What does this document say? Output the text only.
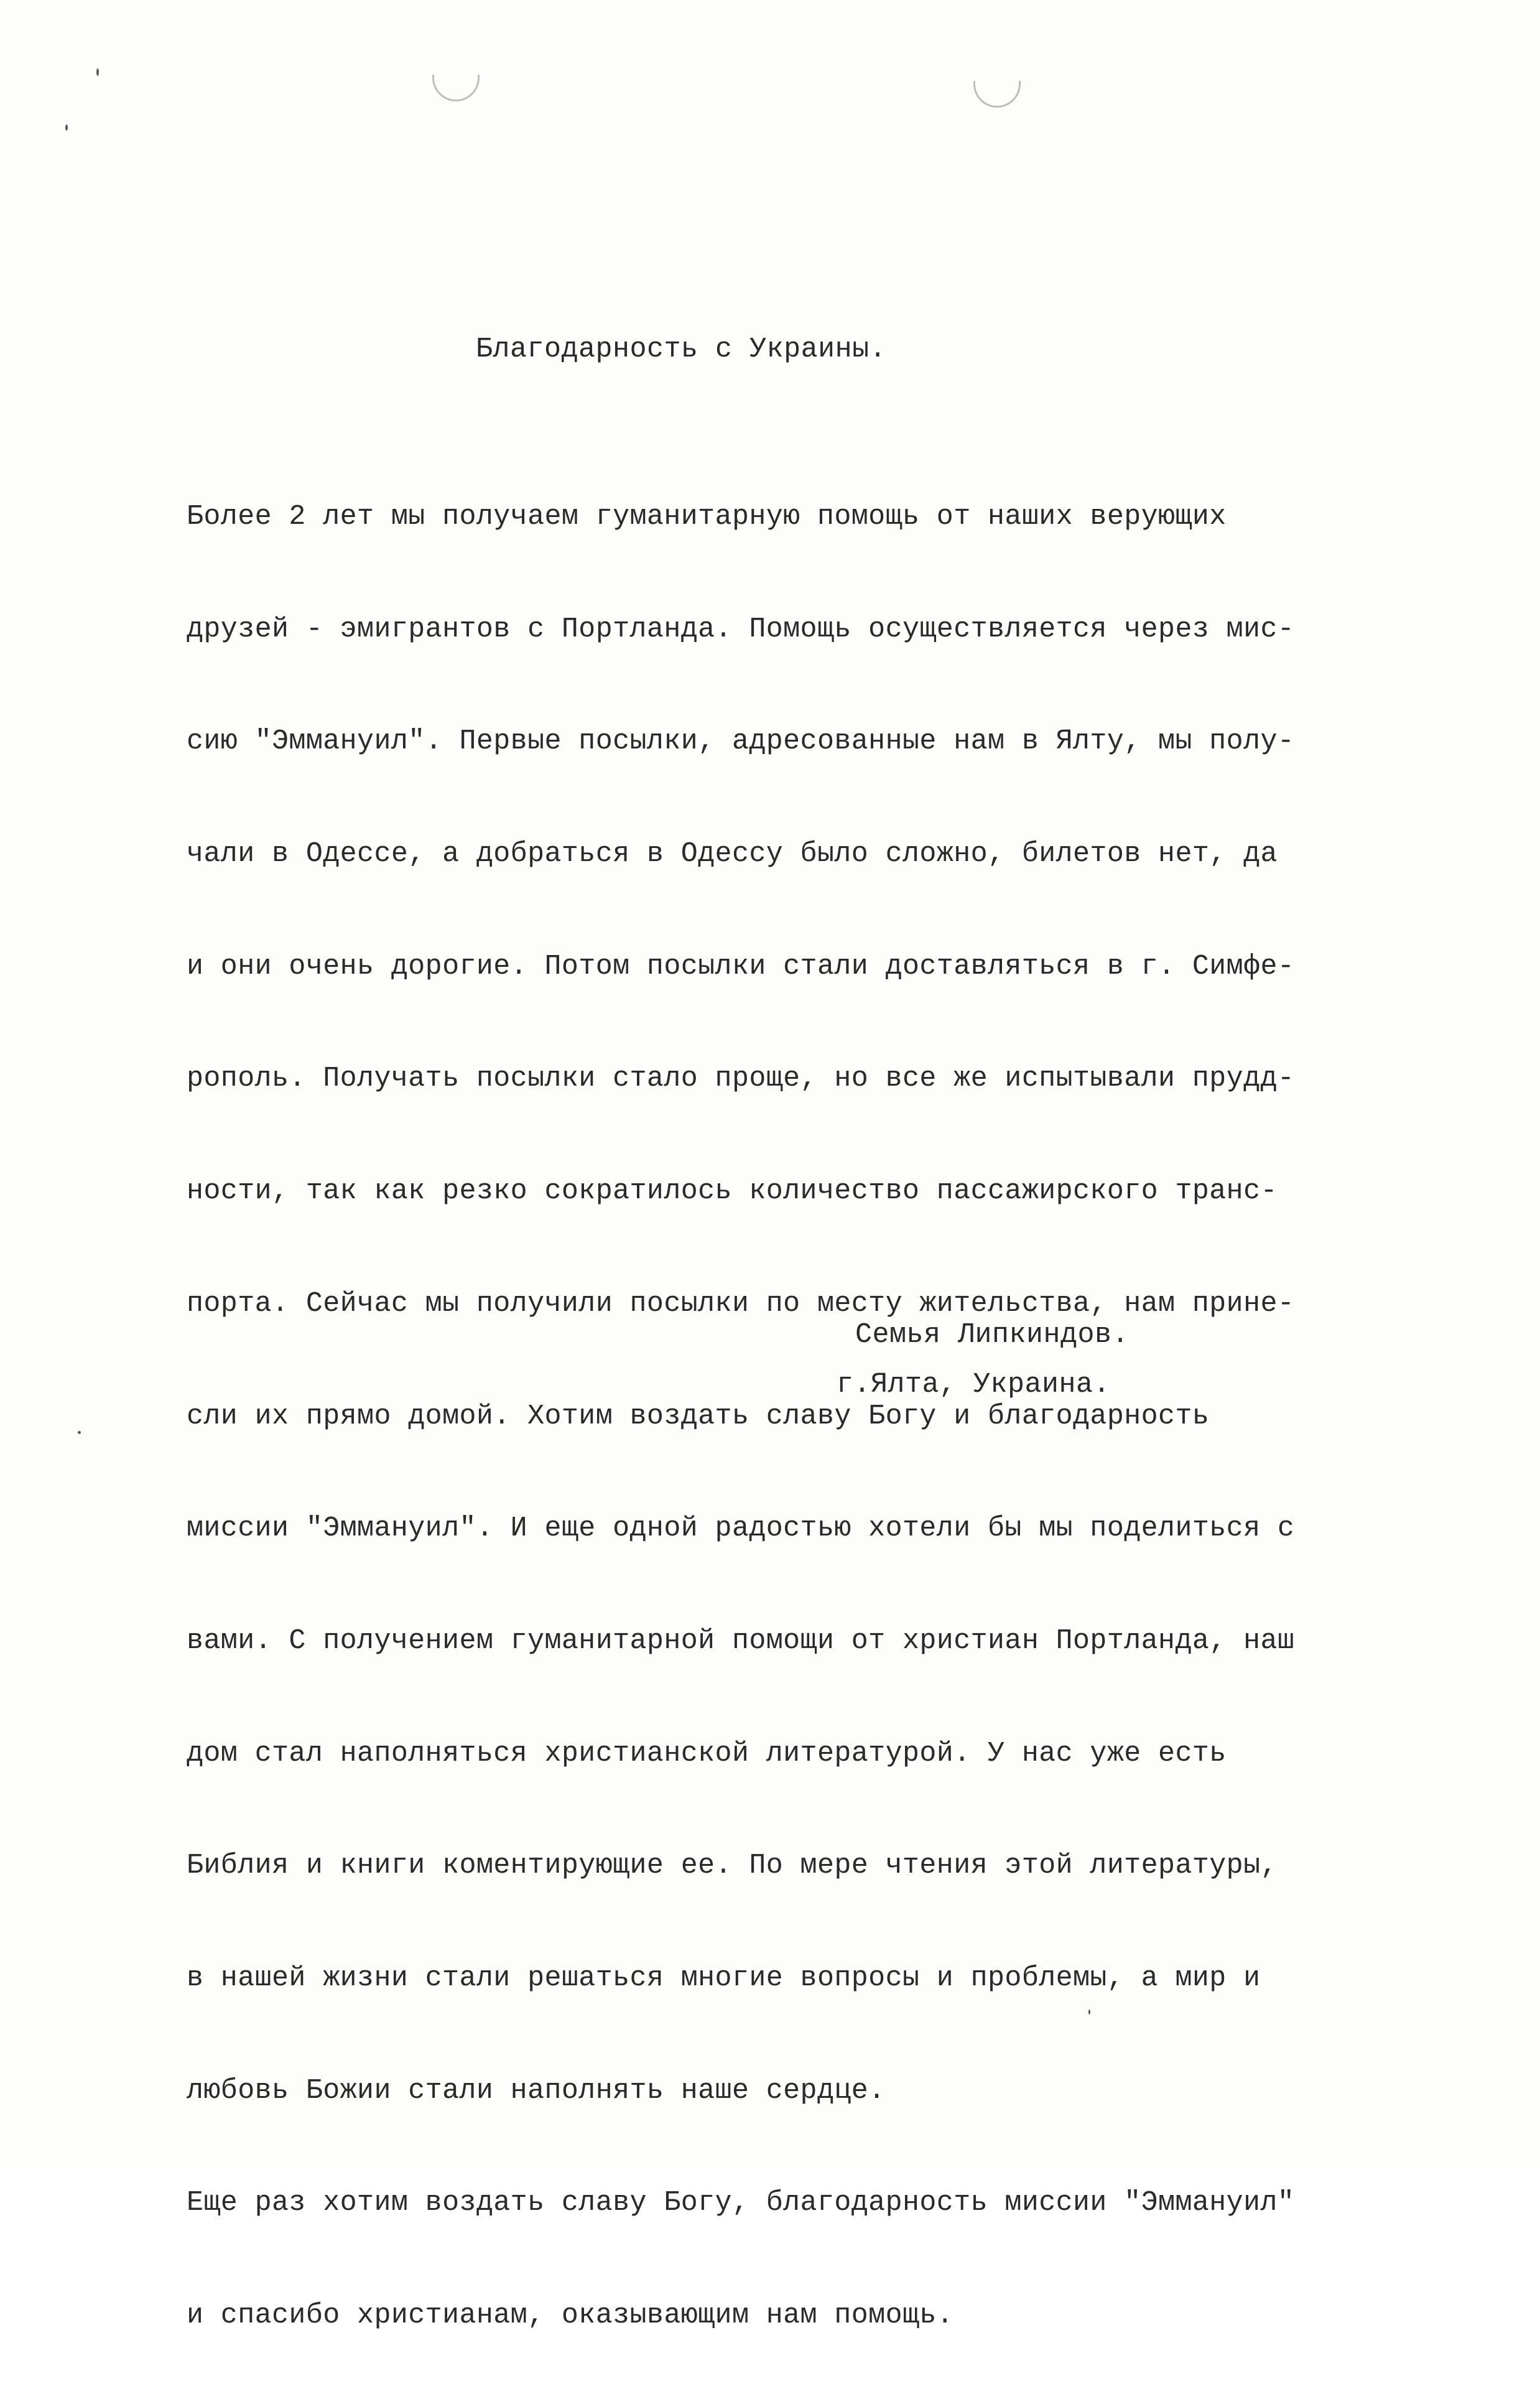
Благодарность с Украины.

Более 2 лет мы получаем гуманитарную помощь от наших верующих

друзей - эмигрантов с Портланда. Помощь осуществляется через мис-

сию "Эммануил". Первые посылки, адресованные нам в Ялту, мы полу-

чали в Одессе, а добраться в Одессу было сложно, билетов нет, да

и они очень дорогие. Потом посылки стали доставляться в г. Симфе-

рополь. Получать посылки стало проще, но все же испытывали прудд-

ности, так как резко сократилось количество пассажирского транс-

порта. Сейчас мы получили посылки по месту жительства, нам прине-

сли их прямо домой. Хотим воздать славу Богу и благодарность

миссии "Эммануил". И еще одной радостью хотели бы мы поделиться с

вами. С получением гуманитарной помощи от христиан Портланда, наш

дом стал наполняться христианской литературой. У нас уже есть

Библия и книги коментирующие ее. По мере чтения этой литературы,

в нашей жизни стали решаться многие вопросы и проблемы, а мир и

любовь Божии стали наполнять наше сердце.

Еще раз хотим воздать славу Богу, благодарность миссии "Эммануил"

и спасибо христианам, оказывающим нам помощь.

Семья Липкиндов.
г.Ялта, Украина.
